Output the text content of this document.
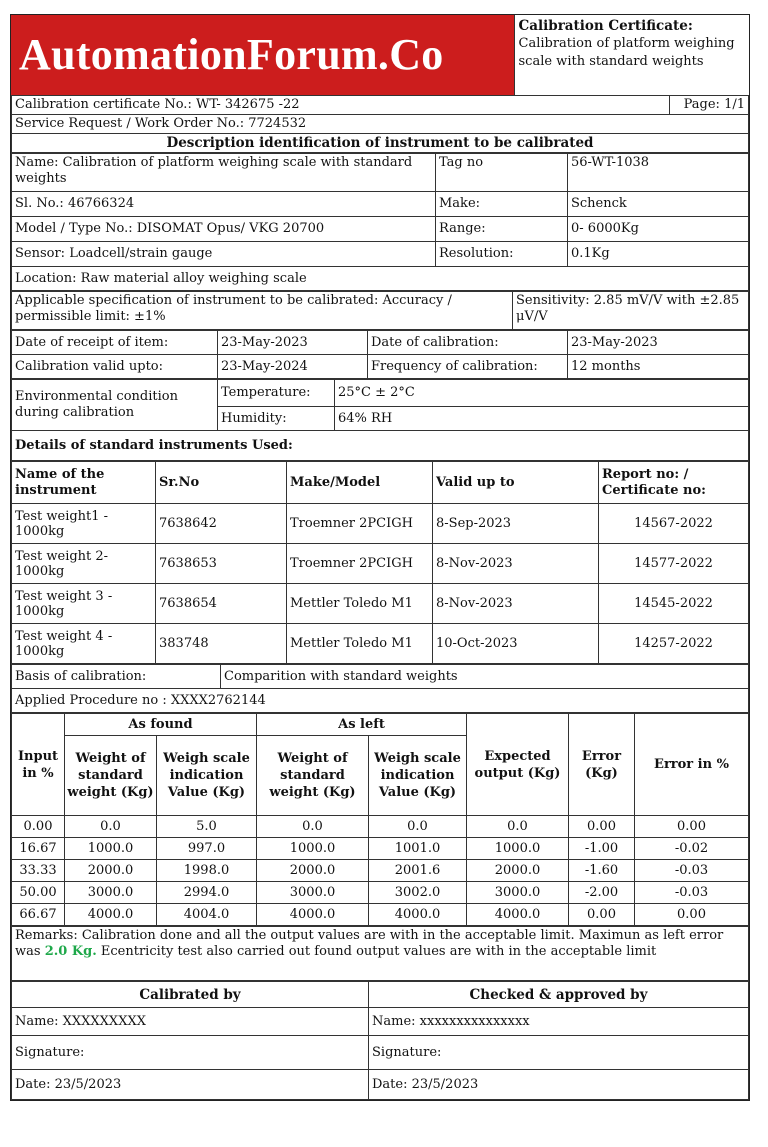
AutomationForum.Co	
Calibration Certificate:
Calibration of platform weighing scale with standard weights
Calibration certificate No.: WT- 342675 -22	Page: 1/1
Service Request / Work Order No.: 7724532
Description identification of instrument to be calibrated
Name: Calibration of platform weighing scale with standard weights	Tag no	56-WT-1038
Sl. No.: 46766324	Make:	Schenck
Model / Type No.: DISOMAT Opus/ VKG 20700	Range:	0- 6000Kg
Sensor: Loadcell/strain gauge	Resolution:	0.1Kg
Location: Raw material alloy weighing scale		
Applicable specification of instrument to be calibrated: Accuracy / permissible limit: ±1%	Sensitivity: 2.85 mV/V with ±2.85 μV/V
Date of receipt of item:	23-May-2023	Date of calibration:	23-May-2023
Calibration valid upto:	23-May-2024	Frequency of calibration:	12 months
Environmental condition during calibration	Temperature:	25°C ± 2°C
	Humidity:	64% RH
Details of standard instruments Used:		
Name of the instrument	Sr.No	Make/Model	Valid up to	Report no: / Certificate no:
Test weight1 - 1000kg	7638642	Troemner 2PCIGH	8-Sep-2023	14567-2022
Test weight 2- 1000kg	7638653	Troemner 2PCIGH	8-Nov-2023	14577-2022
Test weight 3 - 1000kg	7638654	Mettler Toledo M1	8-Nov-2023	14545-2022
Test weight 4 - 1000kg	383748	Mettler Toledo M1	10-Oct-2023	14257-2022
Basis of calibration:	Comparition with standard weights
Applied Procedure no : XXXX2762144
Input in %	As found		As left		Expected output (Kg)	Error (Kg)	Error in %
	Weight of standard weight (Kg)	Weigh scale indication Value (Kg)	Weight of standard weight (Kg)	Weigh scale indication Value (Kg)			
0.00	0.0	5.0	0.0	0.0	0.0	0.00	0.00
16.67	1000.0	997.0	1000.0	1001.0	1000.0	-1.00	-0.02
33.33	2000.0	1998.0	2000.0	2001.6	2000.0	-1.60	-0.03
50.00	3000.0	2994.0	3000.0	3002.0	3000.0	-2.00	-0.03
66.67	4000.0	4004.0	4000.0	4000.0	4000.0	0.00	0.00
Remarks: Calibration done and all the output values are with in the acceptable limit. Maximun as left error was 2.0 Kg. Ecentricity test also carried out found output values are with in the acceptable limit
Calibrated by	Checked & approved by
Name: XXXXXXXXX	Name: xxxxxxxxxxxxxxx
Signature:	Signature:
Date: 23/5/2023	Date: 23/5/2023
